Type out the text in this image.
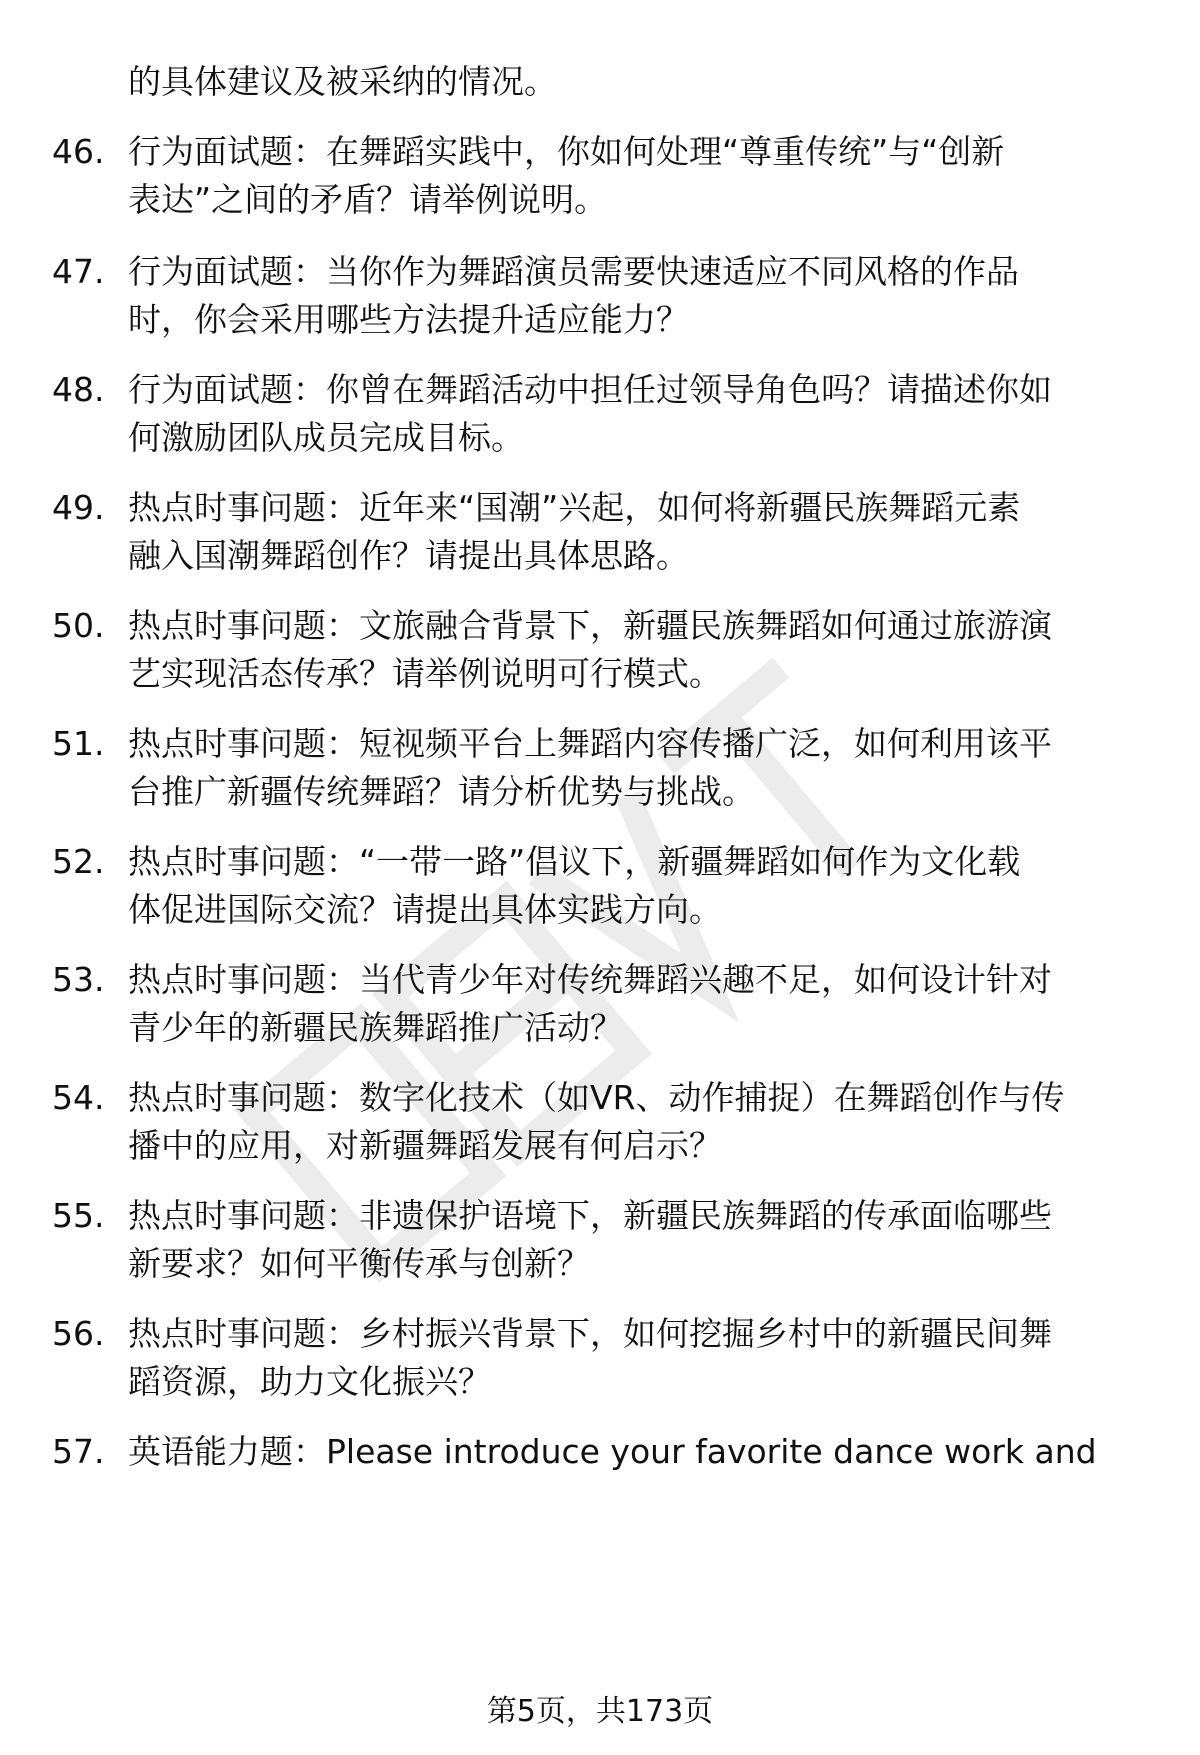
的具体建议及被采纳的情况。
46. 行为面试题：在舞蹈实践中，你如何处理“尊重传统”与“创新
表达”之间的矛盾？请举例说明。
47. 行为面试题：当你作为舞蹈演员需要快速适应不同风格的作品
时，你会采用哪些方法提升适应能力？
48. 行为面试题：你曾在舞蹈活动中担任过领导角色吗？请描述你如
何激励团队成员完成目标。
49. 热点时事问题：近年来“国潮”兴起，如何将新疆民族舞蹈元素
融入国潮舞蹈创作？请提出具体思路。
50. 热点时事问题：文旅融合背景下，新疆民族舞蹈如何通过旅游演
艺实现活态传承？请举例说明可行模式。
51. 热点时事问题：短视频平台上舞蹈内容传播广泛，如何利用该平
台推广新疆传统舞蹈？请分析优势与挑战。
52. 热点时事问题：“一带一路”倡议下，新疆舞蹈如何作为文化载
体促进国际交流？请提出具体实践方向。
53. 热点时事问题：当代青少年对传统舞蹈兴趣不足，如何设计针对
青少年的新疆民族舞蹈推广活动？
54. 热点时事问题：数字化技术（如VR、动作捕捉）在舞蹈创作与传
播中的应用，对新疆舞蹈发展有何启示？
55. 热点时事问题：非遗保护语境下，新疆民族舞蹈的传承面临哪些
新要求？如何平衡传承与创新？
56. 热点时事问题：乡村振兴背景下，如何挖掘乡村中的新疆民间舞
蹈资源，助力文化振兴？
57. 英语能力题：Please introduce your favorite dance work and
第5页，共173页
